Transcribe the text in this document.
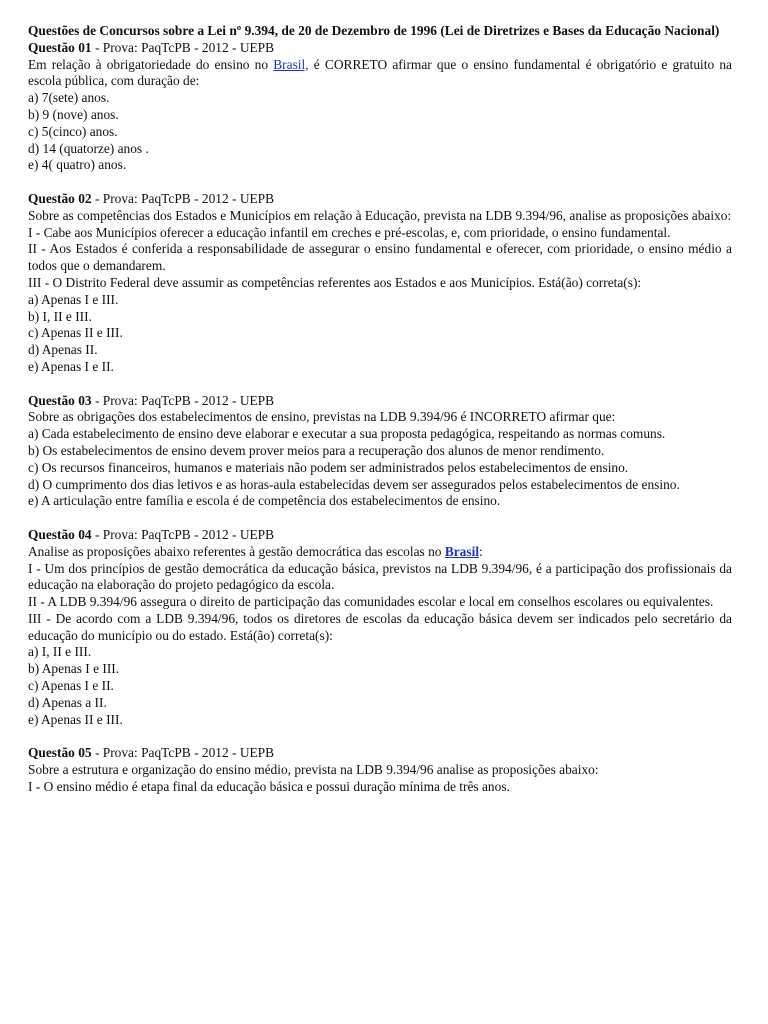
Questões de Concursos sobre a Lei nº 9.394, de 20 de Dezembro de 1996 (Lei de Diretrizes e Bases da Educação Nacional)
Questão 01 - Prova: PaqTcPB - 2012 - UEPB
Em relação à obrigatoriedade do ensino no Brasil, é CORRETO afirmar que o ensino fundamental é obrigatório e gratuito na escola pública, com duração de:
a) 7(sete) anos.
b) 9 (nove) anos.
c) 5(cinco) anos.
d) 14 (quatorze) anos .
e) 4( quatro) anos.
Questão 02 - Prova: PaqTcPB - 2012 - UEPB
Sobre as competências dos Estados e Municípios em relação à Educação, prevista na LDB 9.394/96, analise as proposições abaixo:
I - Cabe aos Municípios oferecer a educação infantil em creches e pré-escolas, e, com prioridade, o ensino fundamental.
II - Aos Estados é conferida a responsabilidade de assegurar o ensino fundamental e oferecer, com prioridade, o ensino médio a todos que o demandarem.
III - O Distrito Federal deve assumir as competências referentes aos Estados e aos Municípios. Está(ão) correta(s):
a) Apenas I e III.
b) I, II e III.
c) Apenas II e III.
d) Apenas II.
e) Apenas I e II.
Questão 03 - Prova: PaqTcPB - 2012 - UEPB
Sobre as obrigações dos estabelecimentos de ensino, previstas na LDB 9.394/96 é INCORRETO afirmar que:
a) Cada estabelecimento de ensino deve elaborar e executar a sua proposta pedagógica, respeitando as normas comuns.
b) Os estabelecimentos de ensino devem prover meios para a recuperação dos alunos de menor rendimento.
c) Os recursos financeiros, humanos e materiais não podem ser administrados pelos estabelecimentos de ensino.
d) O cumprimento dos dias letivos e as horas-aula estabelecidas devem ser assegurados pelos estabelecimentos de ensino.
e) A articulação entre família e escola é de competência dos estabelecimentos de ensino.
Questão 04 - Prova: PaqTcPB - 2012 - UEPB
Analise as proposições abaixo referentes à gestão democrática das escolas no Brasil:
I - Um dos princípios de gestão democrática da educação básica, previstos na LDB 9.394/96, é a participação dos profissionais da educação na elaboração do projeto pedagógico da escola.
II - A LDB 9.394/96 assegura o direito de participação das comunidades escolar e local em conselhos escolares ou equivalentes.
III - De acordo com a LDB 9.394/96, todos os diretores de escolas da educação básica devem ser indicados pelo secretário da educação do município ou do estado. Está(ão) correta(s):
a) I, II e III.
b) Apenas I e III.
c) Apenas I e II.
d) Apenas a II.
e) Apenas II e III.
Questão 05 - Prova: PaqTcPB - 2012 - UEPB
Sobre a estrutura e organização do ensino médio, prevista na LDB 9.394/96 analise as proposições abaixo:
I - O ensino médio é etapa final da educação básica e possui duração mínima de três anos.
